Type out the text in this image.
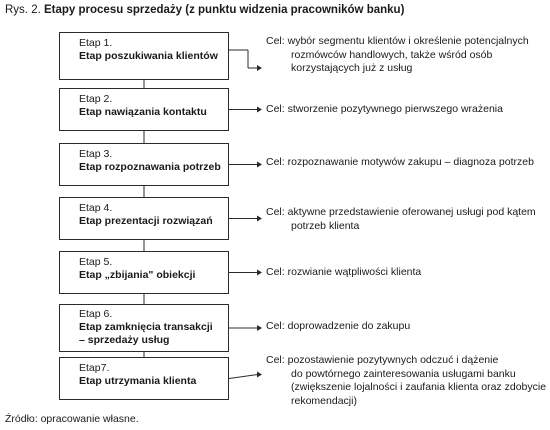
Rys. 2. Etapy procesu sprzedaży (z punktu widzenia pracowników banku)
Etap 1.
Etap poszukiwania klientów
Etap 2.
Etap nawiązania kontaktu
Etap 3.
Etap rozpoznawania potrzeb
Etap 4.
Etap prezentacji rozwiązań
Etap 5.
Etap „zbijania" obiekcji
Etap 6.
Etap zamknięcia transakcji
– sprzedaży usług
Etap7.
Etap utrzymania klienta
Cel: wybór segmentu klientów i określenie potencjalnych
rozmówców handlowych, także wśród osób
korzystających już z usług
Cel: stworzenie pozytywnego pierwszego wrażenia
Cel: rozpoznawanie motywów zakupu – diagnoza potrzeb
Cel: aktywne przedstawienie oferowanej usługi pod kątem
potrzeb klienta
Cel: rozwianie wątpliwości klienta
Cel: doprowadzenie do zakupu
Cel: pozostawienie pozytywnych odczuć i dążenie
do powtórnego zainteresowania usługami banku
(zwiększenie lojalności i zaufania klienta oraz zdobycie
rekomendacji)
Źródło: opracowanie własne.
